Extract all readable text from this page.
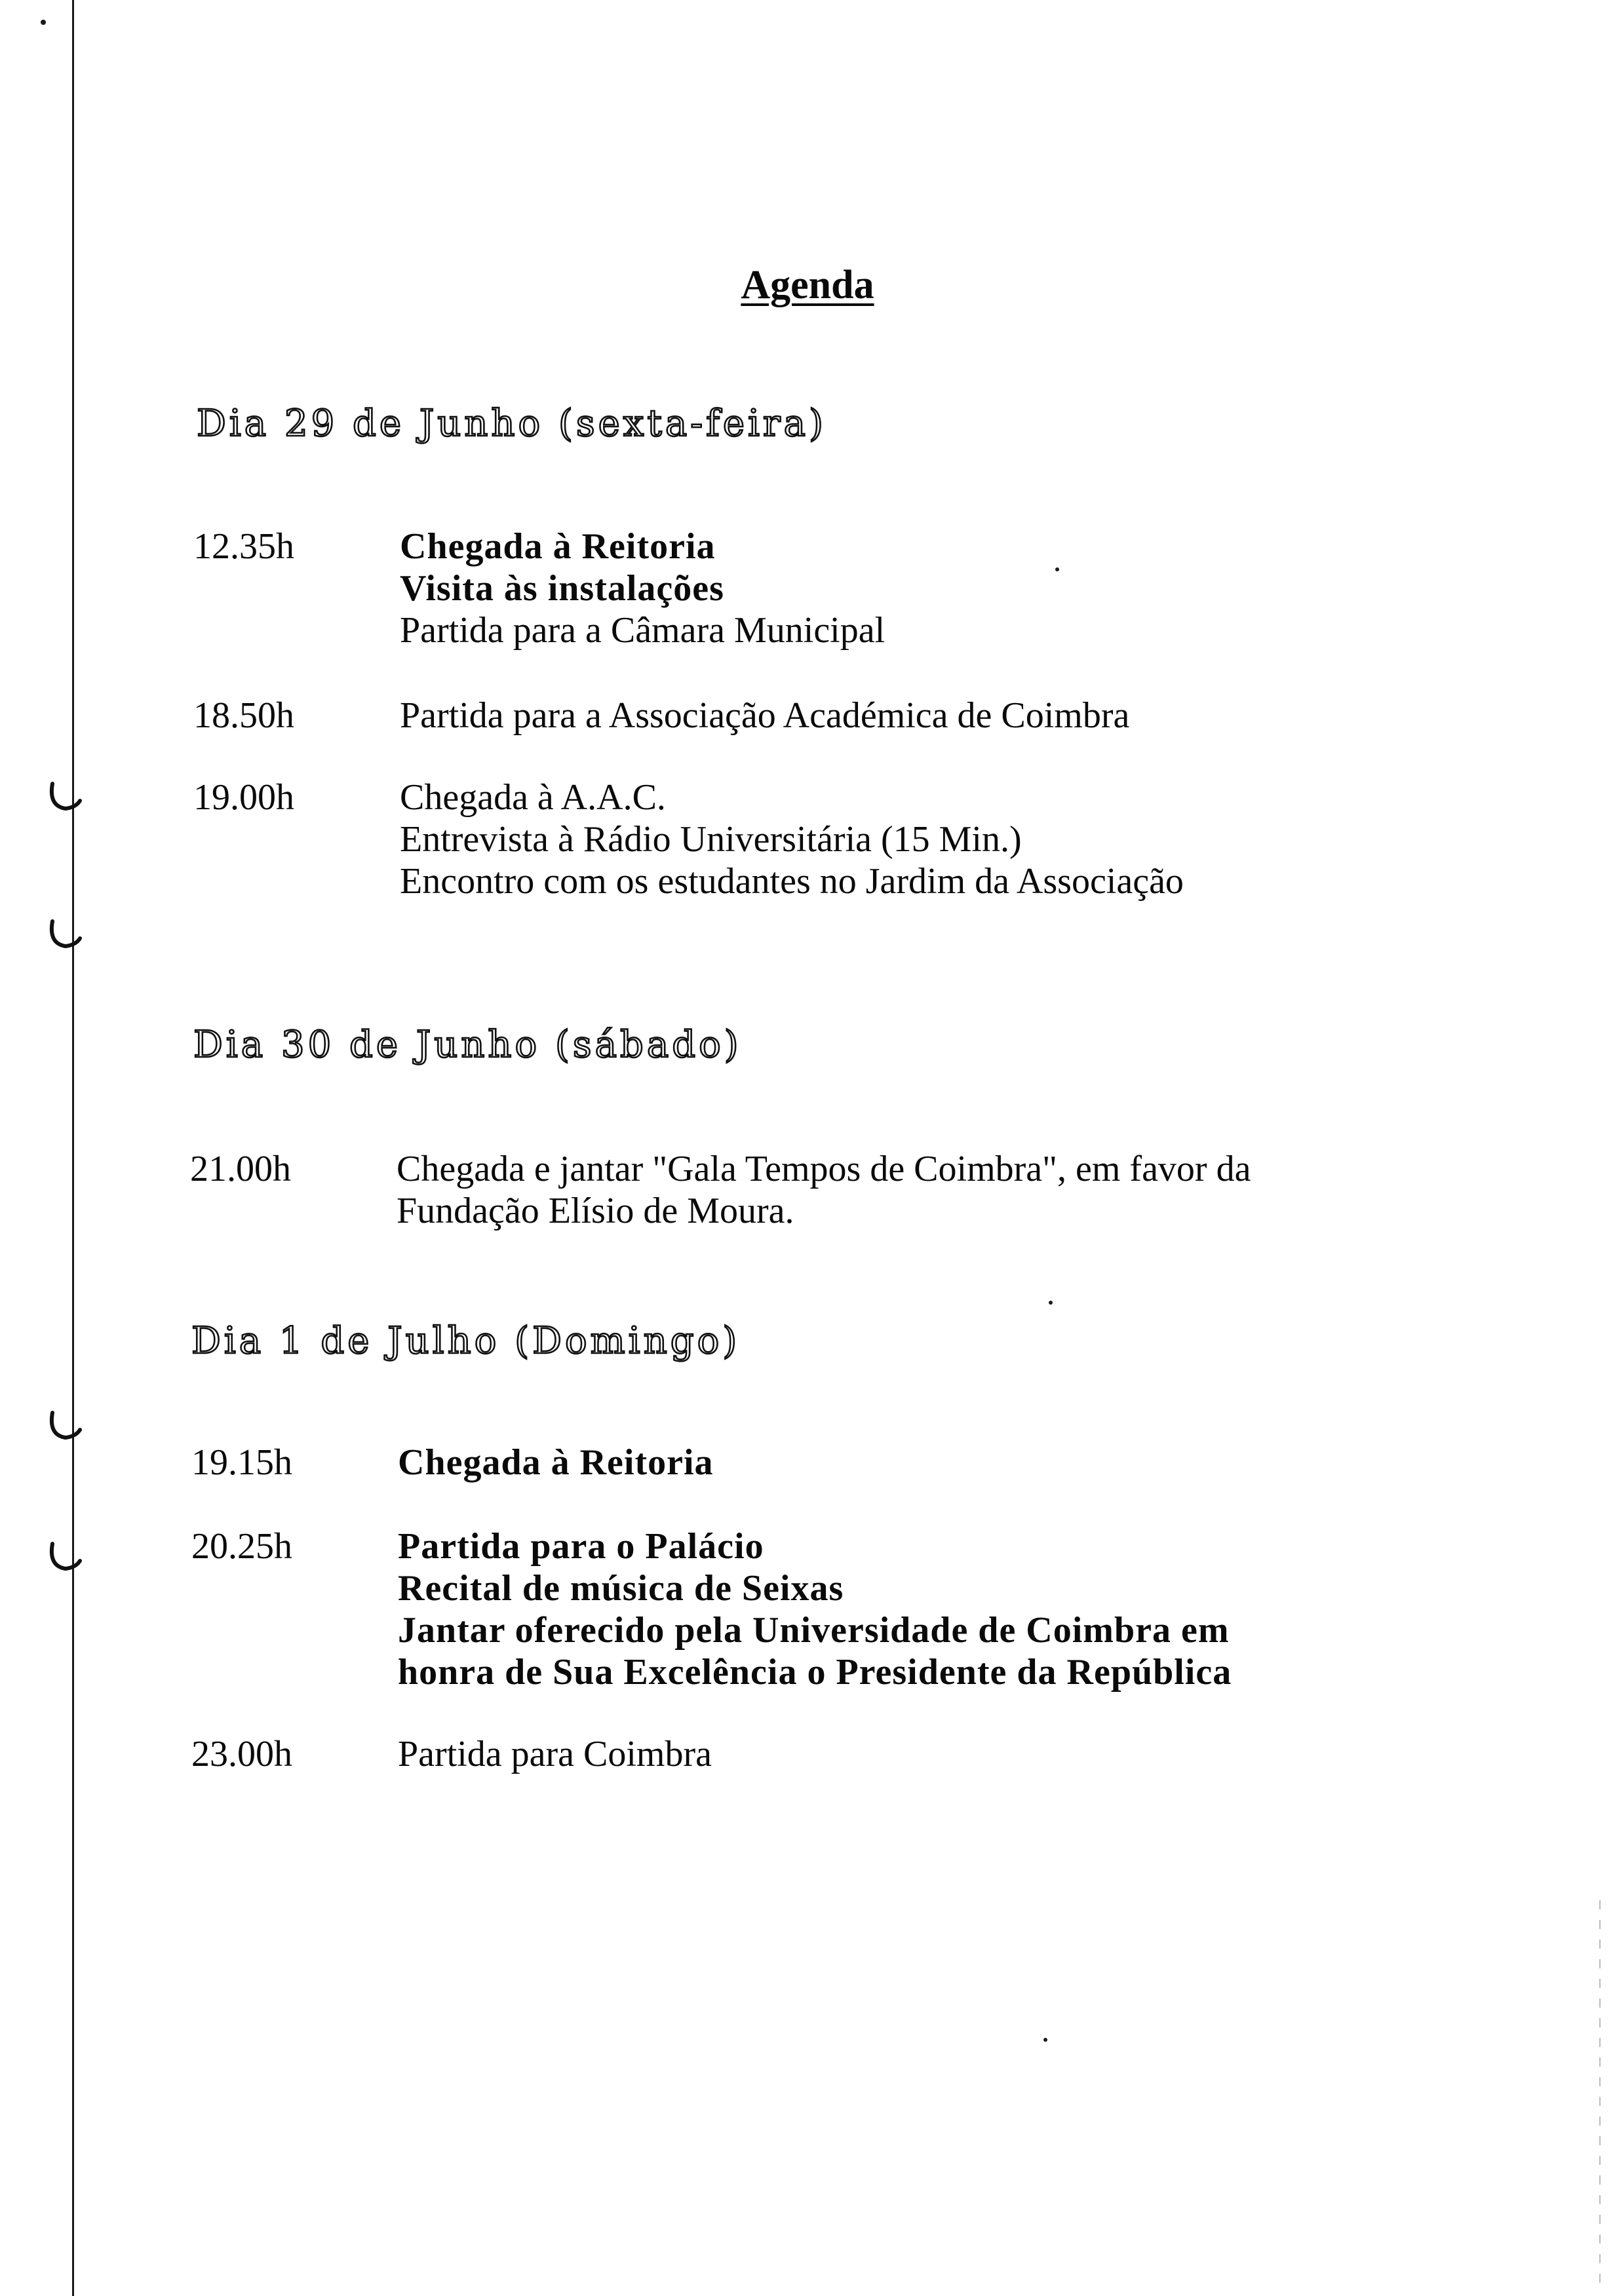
Agenda
Dia 29 de Junho (sexta-feira)
12.35h	Chegada à Reitoria
Visita às instalações
Partida para a Câmara Municipal
18.50h	Partida para a Associação Académica de Coimbra
19.00h	Chegada à A.A.C.
Entrevista à Rádio Universitária (15 Min.)
Encontro com os estudantes no Jardim da Associação
Dia 30 de Junho (sábado)
21.00h	Chegada e jantar "Gala Tempos de Coimbra", em favor da
Fundação Elísio de Moura.
Dia 1 de Julho (Domingo)
19.15h	Chegada à Reitoria
20.25h	Partida para o Palácio
Recital de música de Seixas
Jantar oferecido pela Universidade de Coimbra em
honra de Sua Excelência o Presidente da República
23.00h	Partida para Coimbra
